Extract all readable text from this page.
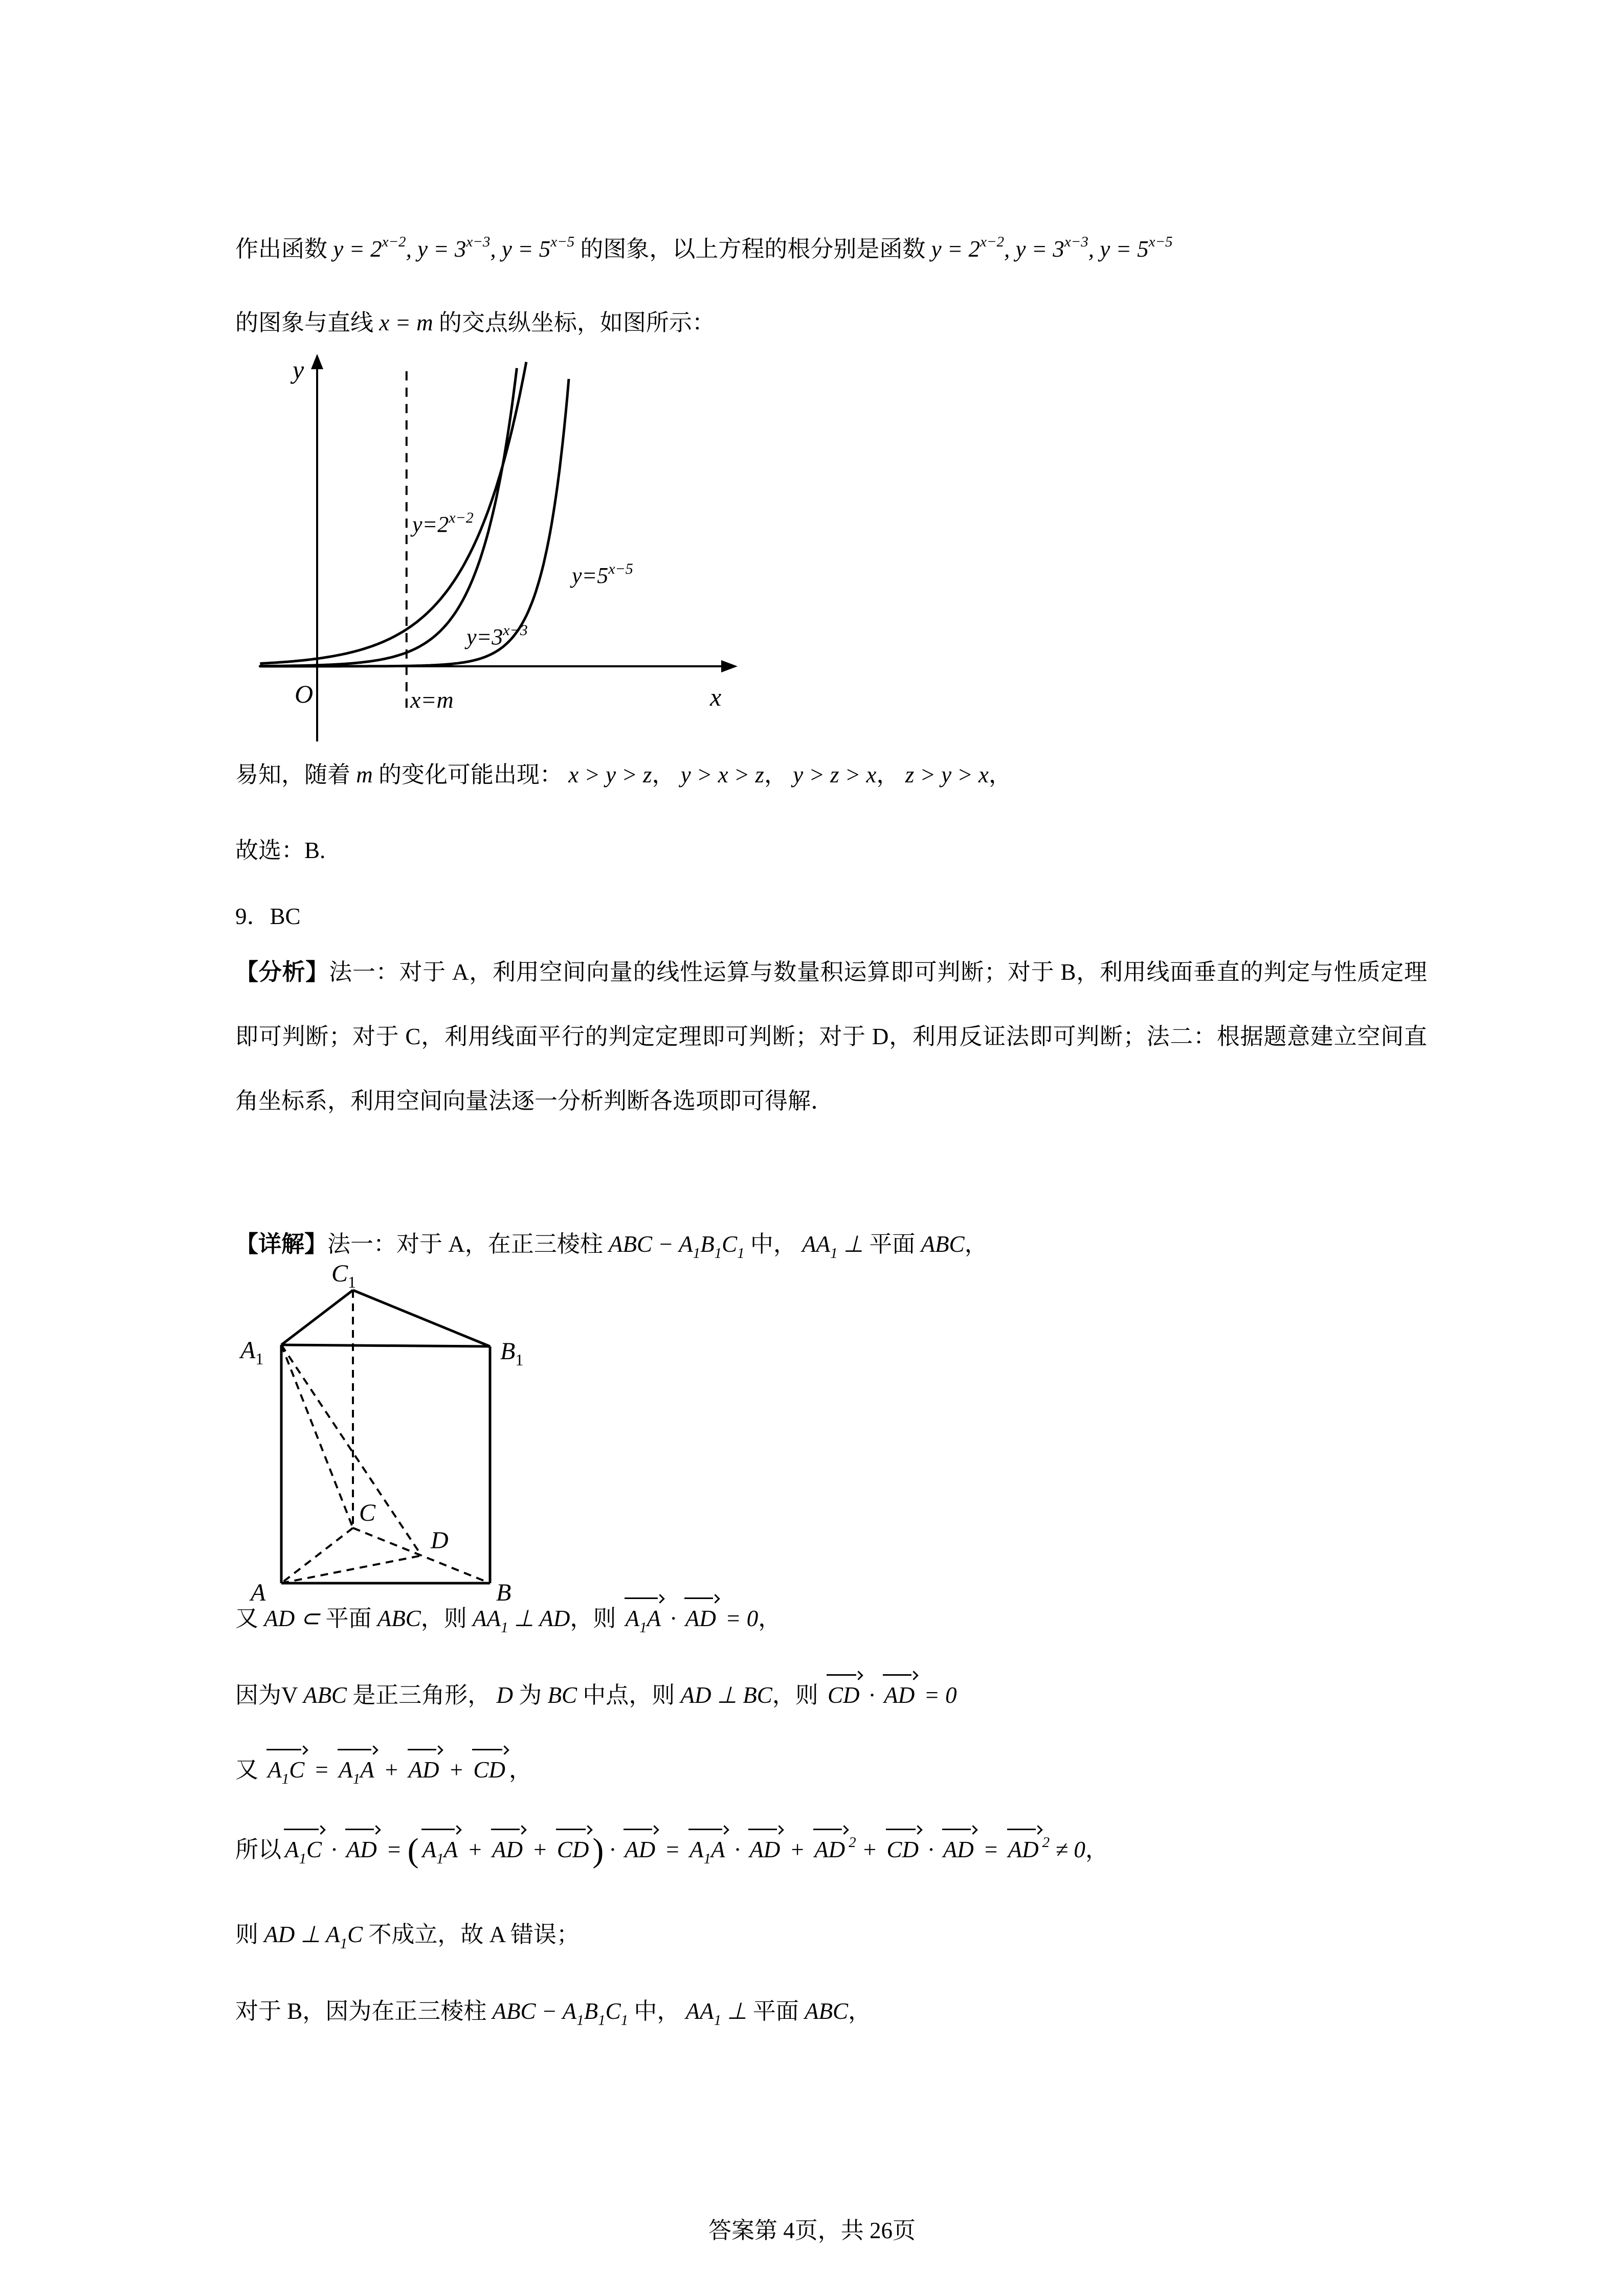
作出函数 $y = 2^{x-2}$, $y = 3^{x-3}$, $y = 5^{x-5}$ 的图象，以上方程的根分别是函数 $y = 2^{x-2}$, $y = 3^{x-3}$, $y = 5^{x-5}$
的图象与直线 x = m 的交点纵坐标，如图所示：
$y=2^{x-2}$
$y=3^{x-3}$
$y=5^{x-5}$
x=m	x
y
O
易知，随着 m 的变化可能出现： x > y > z， y > x > z， y > z > x， z > y > x，
故选：B.
9．BC
【分析】法一：对于 A，利用空间向量的线性运算与数量积运算即可判断；对于 B，利用线面垂直的判定与性质定理即可判断；对于 C，利用线面平行的判定定理即可判断；对于 D，利用反证法即可判断；法二：根据题意建立空间直角坐标系，利用空间向量法逐一分析判断各选项即可得解．
【详解】法一：对于 A，在正三棱柱 ABC − $A_1B_1C_1$ 中， $AA_1$ ⊥ 平面 ABC，
$C_1$
$A_1$	$B_1$
A	B
C
D
又 AD ⊂ 平面 ABC，则 $AA_1$ ⊥ AD，则 $A_1A$ · AD = 0，
因为V ABC 是正三角形， D 为 BC 中点，则 AD ⊥ BC，则 CD · AD = 0
又 $A_1C = A_1A$ + AD + CD ，
所以 $A_1C$ · AD = ( $A_1A$ + AD + CD ) · AD = $A_1A$ · AD + AD $^2$ + CD · AD = AD $^2$ ≠ 0，
则 AD ⊥ $A_1C$ 不成立，故 A 错误；
对于 B，因为在正三棱柱 ABC − $A_1B_1C_1$ 中， $AA_1$ ⊥ 平面 ABC，
答案第 4页，共 26页
